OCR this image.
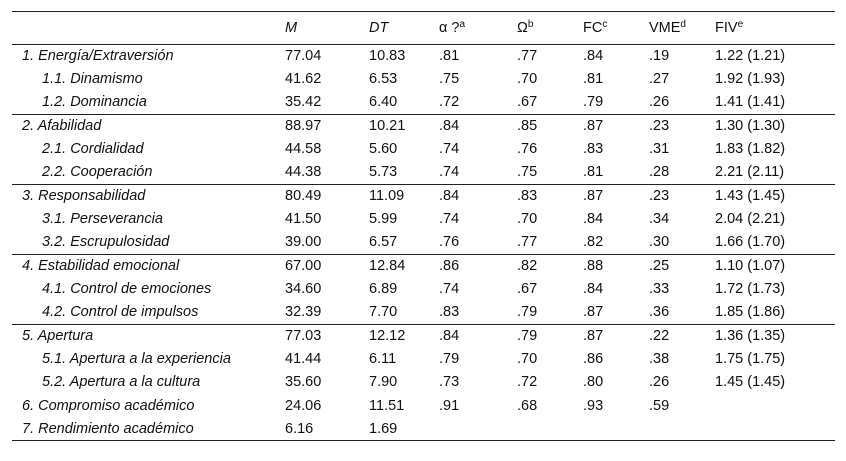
	M	DT	α ?$^a$	$\Omega^b$	$FC^c$	VME$^d$	FIV$^e$
1. Energía/Extraversión	77.04	10.83	.81	.77	.84	.19	1.22 (1.21)
1.1. Dinamismo	41.62	6.53	.75	.70	.81	.27	1.92 (1.93)
1.2. Dominancia	35.42	6.40	.72	.67	.79	.26	1.41 (1.41)
2. Afabilidad	88.97	10.21	.84	.85	.87	.23	1.30 (1.30)
2.1. Cordialidad	44.58	5.60	.74	.76	.83	.31	1.83 (1.82)
2.2. Cooperación	44.38	5.73	.74	.75	.81	.28	2.21 (2.11)
3. Responsabilidad	80.49	11.09	.84	.83	.87	.23	1.43 (1.45)
3.1. Perseverancia	41.50	5.99	.74	.70	.84	.34	2.04 (2.21)
3.2. Escrupulosidad	39.00	6.57	.76	.77	.82	.30	1.66 (1.70)
4. Estabilidad emocional	67.00	12.84	.86	.82	.88	.25	1.10 (1.07)
4.1. Control de emociones	34.60	6.89	.74	.67	.84	.33	1.72 (1.73)
4.2. Control de impulsos	32.39	7.70	.83	.79	.87	.36	1.85 (1.86)
5. Apertura	77.03	12.12	.84	.79	.87	.22	1.36 (1.35)
5.1. Apertura a la experiencia	41.44	6.11	.79	.70	.86	.38	1.75 (1.75)
5.2. Apertura a la cultura	35.60	7.90	.73	.72	.80	.26	1.45 (1.45)
6. Compromiso académico	24.06	11.51	.91	.68	.93	.59	
7. Rendimiento académico	6.16	1.69					
